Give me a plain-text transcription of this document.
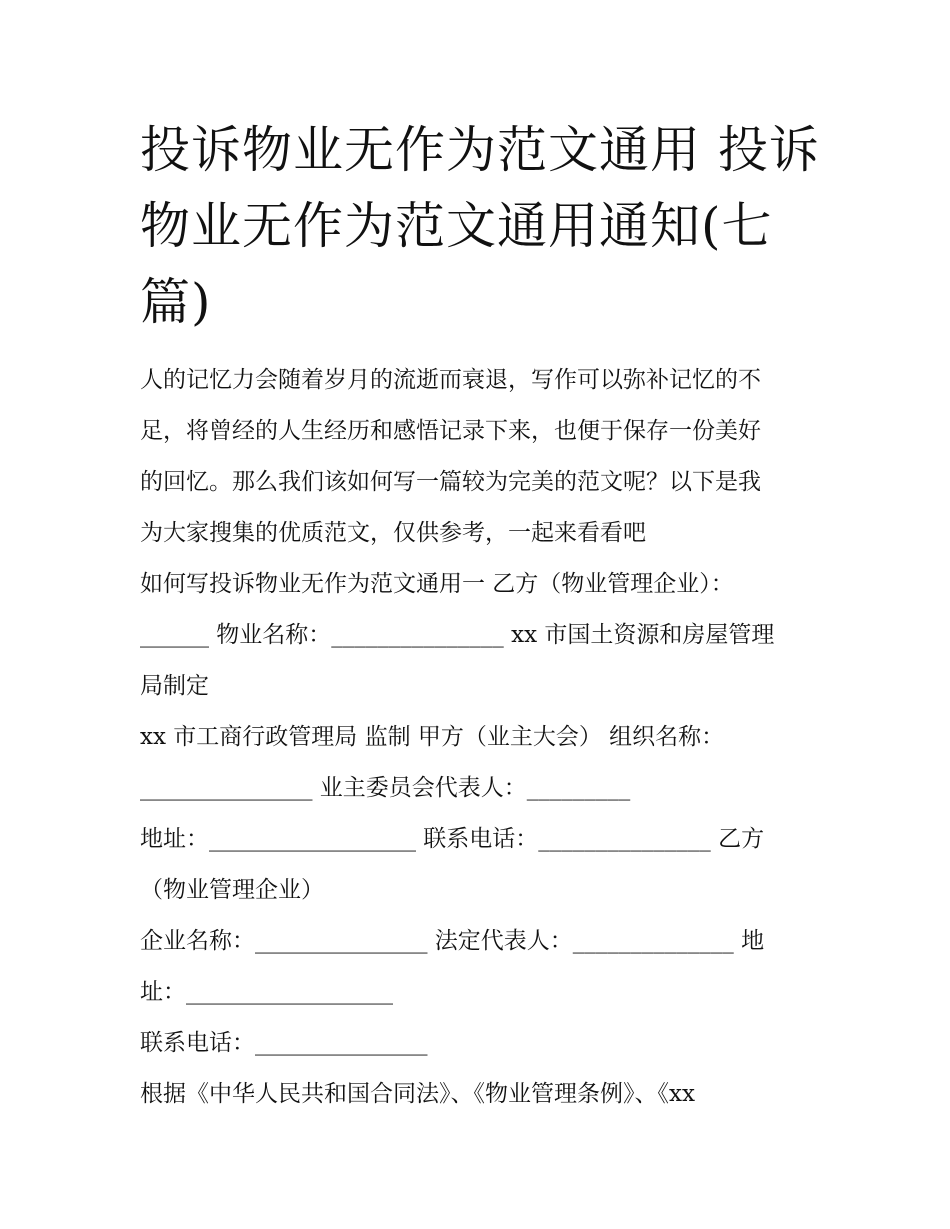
投诉物业无作为范文通用 投诉
物业无作为范文通用通知(七
篇)
人的记忆力会随着岁月的流逝而衰退，写作可以弥补记忆的不
足，将曾经的人生经历和感悟记录下来，也便于保存一份美好
的回忆。那么我们该如何写一篇较为完美的范文呢？以下是我
为大家搜集的优质范文，仅供参考，一起来看看吧
如何写投诉物业无作为范文通用一 乙方（物业管理企业）：
______ 物业名称：_______________ xx 市国土资源和房屋管理
局制定
xx 市工商行政管理局 监制 甲方（业主大会） 组织名称：
_______________ 业主委员会代表人：_________
地址：__________________ 联系电话：_______________ 乙方
（物业管理企业）
企业名称：_______________ 法定代表人：______________ 地
址：__________________
联系电话：_______________
根据《中华人民共和国合同法》、《物业管理条例》、《xx
